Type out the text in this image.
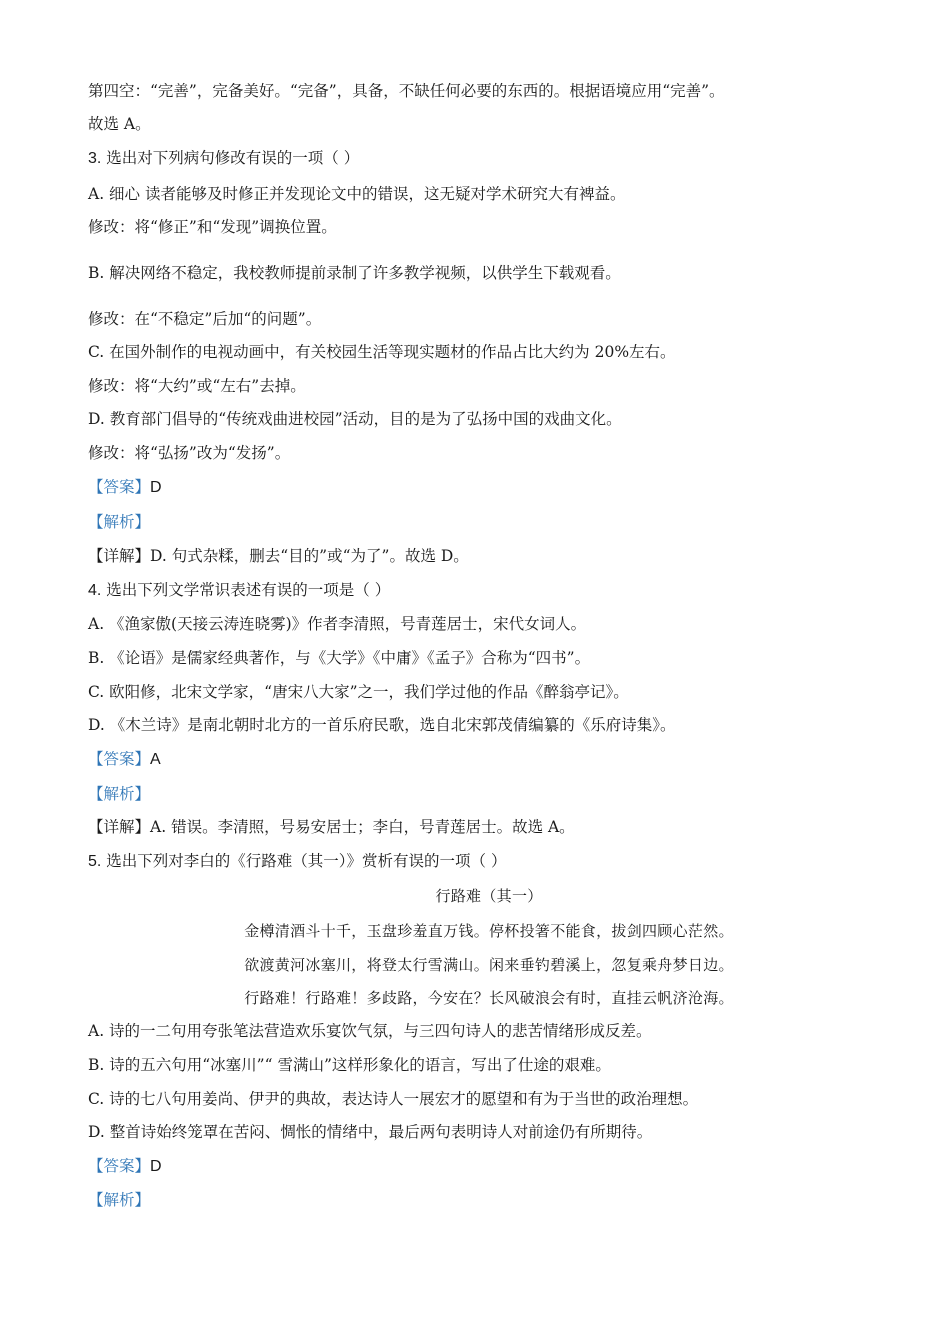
第四空：“完善”，完备美好。“完备”，具备，不缺任何必要的东西的。根据语境应用“完善”。
故选 A。
3. 选出对下列病句修改有误的一项（ ）
A. 细心 读者能够及时修正并发现论文中的错误，这无疑对学术研究大有裨益。
修改：将“修正”和“发现”调换位置。
B. 解决网络不稳定，我校教师提前录制了许多教学视频，以供学生下载观看。
修改：在“不稳定”后加“的问题”。
C. 在国外制作的电视动画中，有关校园生活等现实题材的作品占比大约为 20%左右。
修改：将“大约”或“左右”去掉。
D. 教育部门倡导的“传统戏曲进校园”活动，目的是为了弘扬中国的戏曲文化。
修改：将“弘扬”改为“发扬”。
【答案】D
【解析】
【详解】D. 句式杂糅，删去“目的”或“为了”。故选 D。
4. 选出下列文学常识表述有误的一项是（ ）
A. 《渔家傲(天接云涛连晓雾)》作者李清照，号青莲居士，宋代女词人。
B. 《论语》是儒家经典著作，与《大学》《中庸》《孟子》合称为“四书”。
C. 欧阳修，北宋文学家，“唐宋八大家”之一，我们学过他的作品《醉翁亭记》。
D. 《木兰诗》是南北朝时北方的一首乐府民歌，选自北宋郭茂倩编纂的《乐府诗集》。
【答案】A
【解析】
【详解】A. 错误。李清照，号易安居士；李白，号青莲居士。故选 A。
5. 选出下列对李白的《行路难（其一）》赏析有误的一项（ ）
行路难（其一）
金樽清酒斗十千，玉盘珍羞直万钱。停杯投箸不能食，拔剑四顾心茫然。
欲渡黄河冰塞川，将登太行雪满山。闲来垂钓碧溪上，忽复乘舟梦日边。
行路难！行路难！多歧路，今安在？长风破浪会有时，直挂云帆济沧海。
A. 诗的一二句用夸张笔法营造欢乐宴饮气氛，与三四句诗人的悲苦情绪形成反差。
B. 诗的五六句用“冰塞川”“ 雪满山”这样形象化的语言，写出了仕途的艰难。
C. 诗的七八句用姜尚、伊尹的典故，表达诗人一展宏才的愿望和有为于当世的政治理想。
D. 整首诗始终笼罩在苦闷、惆怅的情绪中，最后两句表明诗人对前途仍有所期待。
【答案】D
【解析】
